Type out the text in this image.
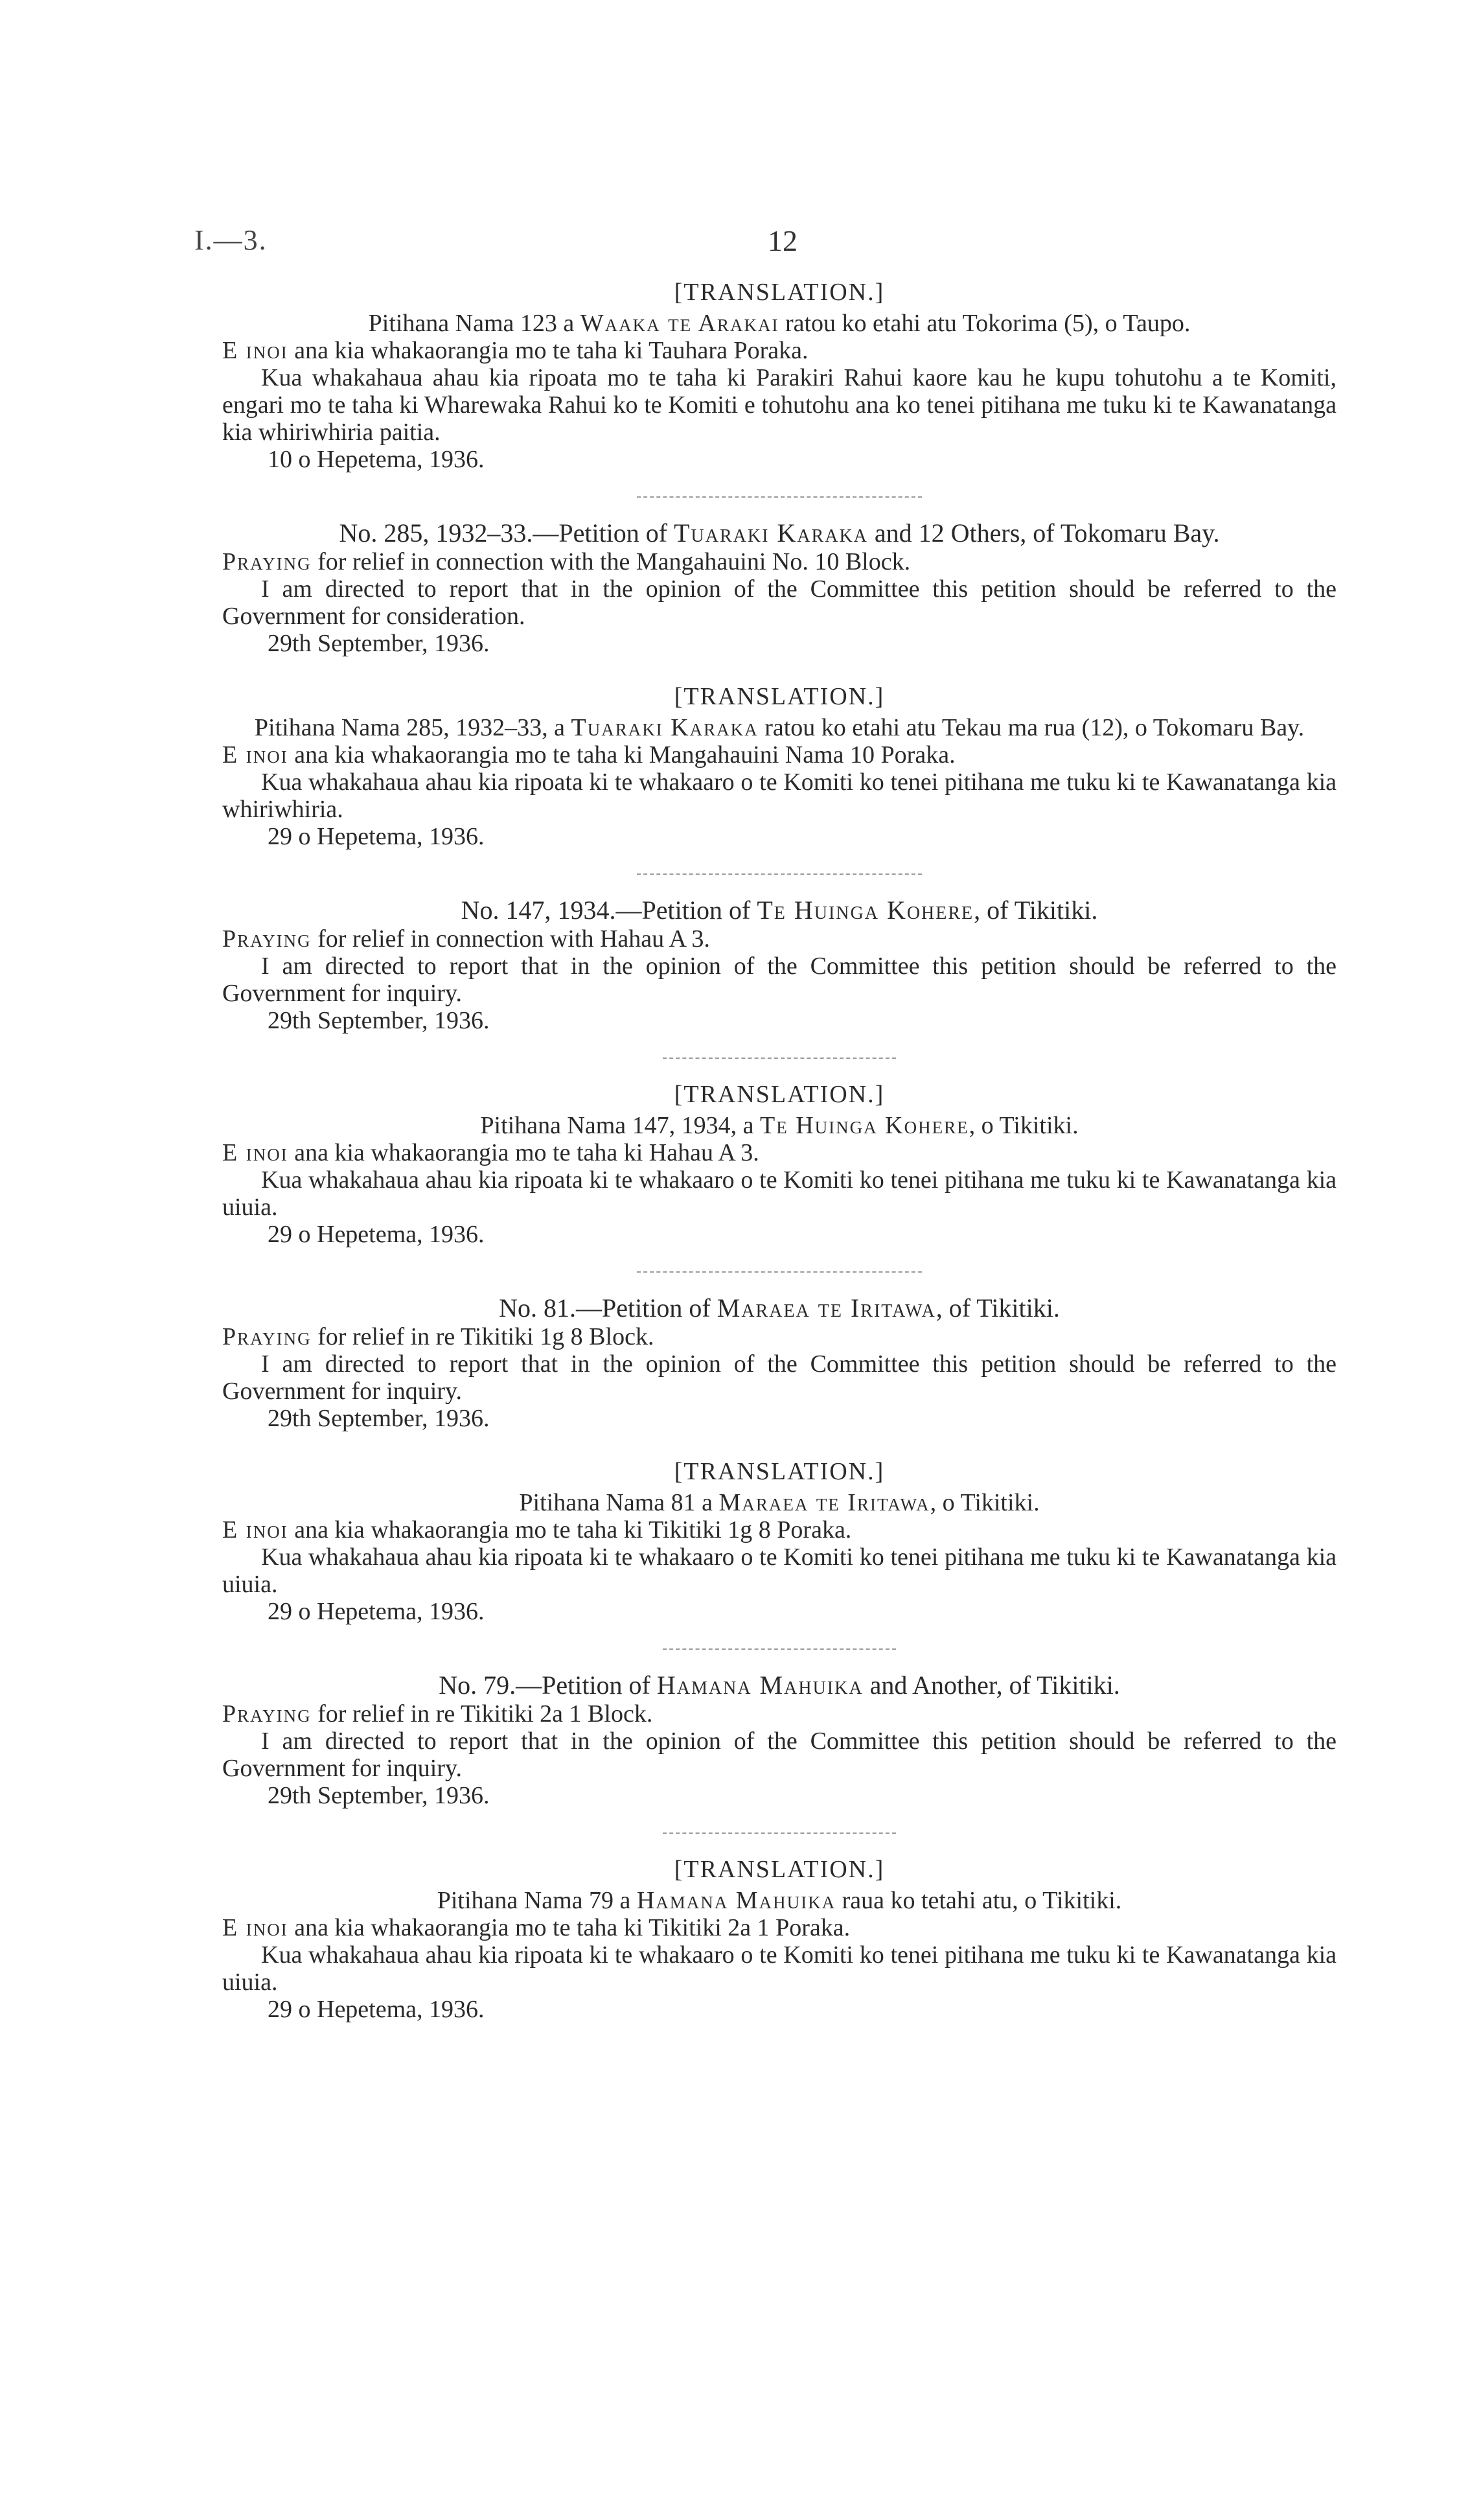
I.—3.	12
[TRANSLATION.]

Pitihana Nama 123 a Waaka te Arakai ratou ko etahi atu Tokorima (5), o Taupo.

E inoi ana kia whakaorangia mo te taha ki Tauhara Poraka.

Kua whakahaua ahau kia ripoata mo te taha ki Parakiri Rahui kaore kau he kupu tohutohu a te Komiti, engari mo te taha ki Wharewaka Rahui ko te Komiti e tohutohu ana ko tenei pitihana me tuku ki te Kawanatanga kia whiriwhiria paitia.

10 o Hepetema, 1936.

No. 285, 1932–33.—Petition of Tuaraki Karaka and 12 Others, of Tokomaru Bay.

Praying for relief in connection with the Mangahauini No. 10 Block.

I am directed to report that in the opinion of the Committee this petition should be referred to the Government for consideration.

29th September, 1936.

[TRANSLATION.]

Pitihana Nama 285, 1932–33, a Tuaraki Karaka ratou ko etahi atu Tekau ma rua (12), o Tokomaru Bay.

E inoi ana kia whakaorangia mo te taha ki Mangahauini Nama 10 Poraka.

Kua whakahaua ahau kia ripoata ki te whakaaro o te Komiti ko tenei pitihana me tuku ki te Kawanatanga kia whiriwhiria.

29 o Hepetema, 1936.

No. 147, 1934.—Petition of Te Huinga Kohere, of Tikitiki.

Praying for relief in connection with Hahau A 3.

I am directed to report that in the opinion of the Committee this petition should be referred to the Government for inquiry.

29th September, 1936.

[TRANSLATION.]

Pitihana Nama 147, 1934, a Te Huinga Kohere, o Tikitiki.

E inoi ana kia whakaorangia mo te taha ki Hahau A 3.

Kua whakahaua ahau kia ripoata ki te whakaaro o te Komiti ko tenei pitihana me tuku ki te Kawanatanga kia uiuia.

29 o Hepetema, 1936.

No. 81.—Petition of Maraea te Iritawa, of Tikitiki.

Praying for relief in re Tikitiki 1g 8 Block.

I am directed to report that in the opinion of the Committee this petition should be referred to the Government for inquiry.

29th September, 1936.

[TRANSLATION.]

Pitihana Nama 81 a Maraea te Iritawa, o Tikitiki.

E inoi ana kia whakaorangia mo te taha ki Tikitiki 1g 8 Poraka.

Kua whakahaua ahau kia ripoata ki te whakaaro o te Komiti ko tenei pitihana me tuku ki te Kawanatanga kia uiuia.

29 o Hepetema, 1936.

No. 79.—Petition of Hamana Mahuika and Another, of Tikitiki.

Praying for relief in re Tikitiki 2a 1 Block.

I am directed to report that in the opinion of the Committee this petition should be referred to the Government for inquiry.

29th September, 1936.

[TRANSLATION.]

Pitihana Nama 79 a Hamana Mahuika raua ko tetahi atu, o Tikitiki.

E inoi ana kia whakaorangia mo te taha ki Tikitiki 2a 1 Poraka.

Kua whakahaua ahau kia ripoata ki te whakaaro o te Komiti ko tenei pitihana me tuku ki te Kawanatanga kia uiuia.

29 o Hepetema, 1936.
